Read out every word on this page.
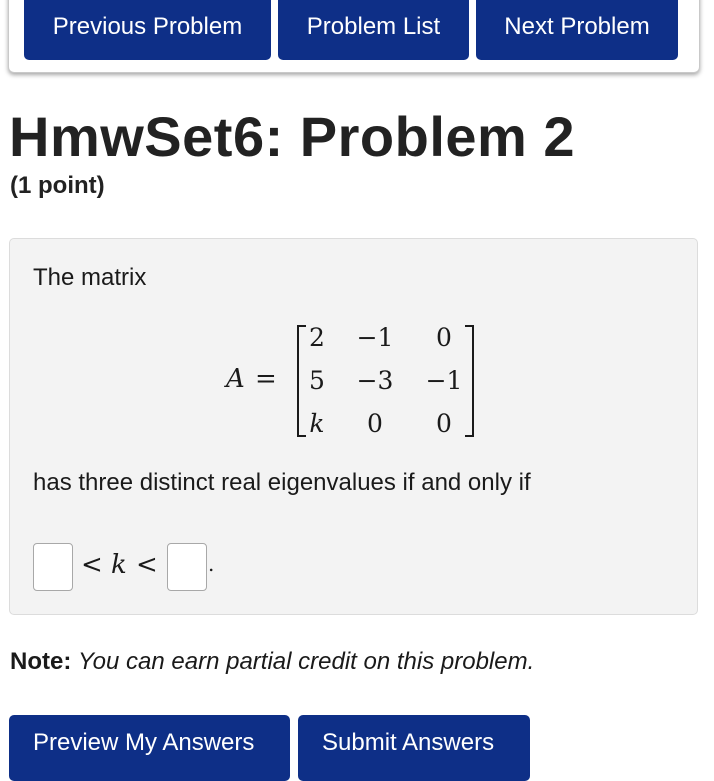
Previous Problem	Problem List	Next Problem
HmwSet6: Problem 2
(1 point)
The matrix
A =
2	−1	0
5	−3	−1
k	0	0
has three distinct real eigenvalues if and only if
< k <	.
Note: You can earn partial credit on this problem.
Preview My Answers	Submit Answers
